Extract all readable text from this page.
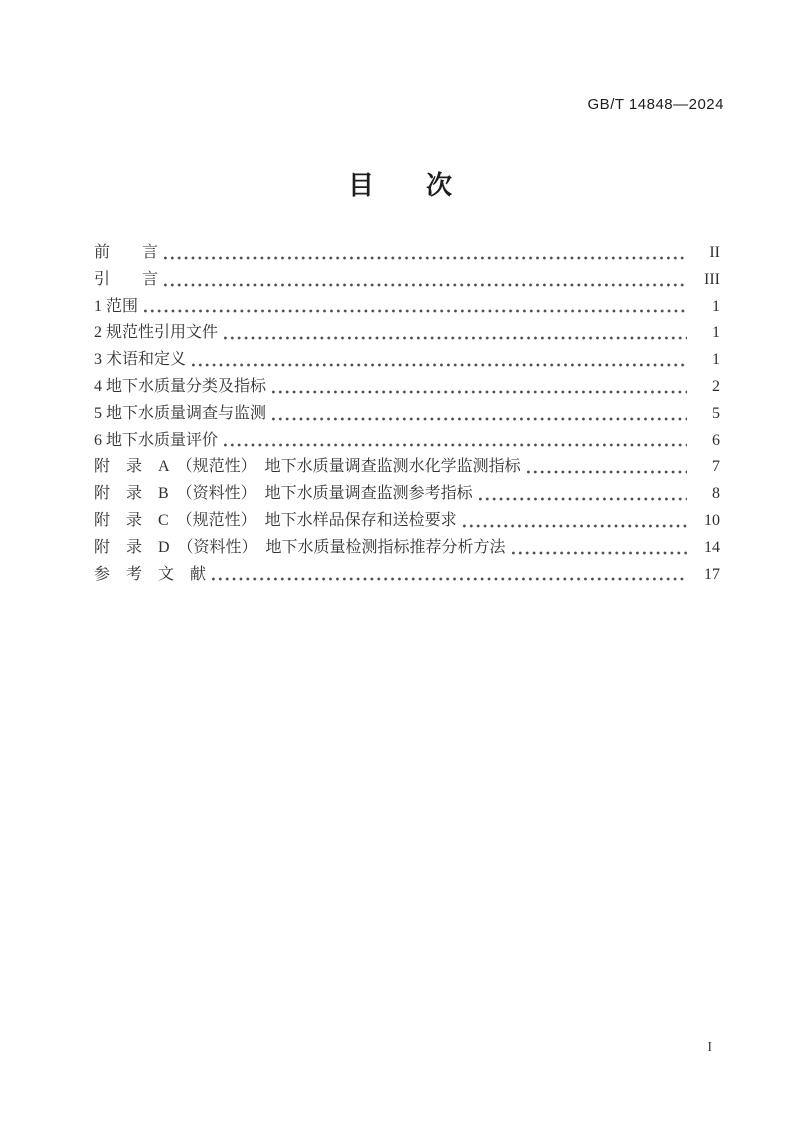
GB/T 14848—2024
目　　次
前　　言	II
引　　言	III
1 范围	1
2 规范性引用文件	1
3 术语和定义	1
4 地下水质量分类及指标	2
5 地下水质量调查与监测	5
6 地下水质量评价	6
附　录　A　（规范性）　地下水质量调查监测水化学监测指标	7
附　录　B　（资料性）　地下水质量调查监测参考指标	8
附　录　C　（规范性）　地下水样品保存和送检要求	10
附　录　D　（资料性）　地下水质量检测指标推荐分析方法	14
参　考　文　献	17
I
